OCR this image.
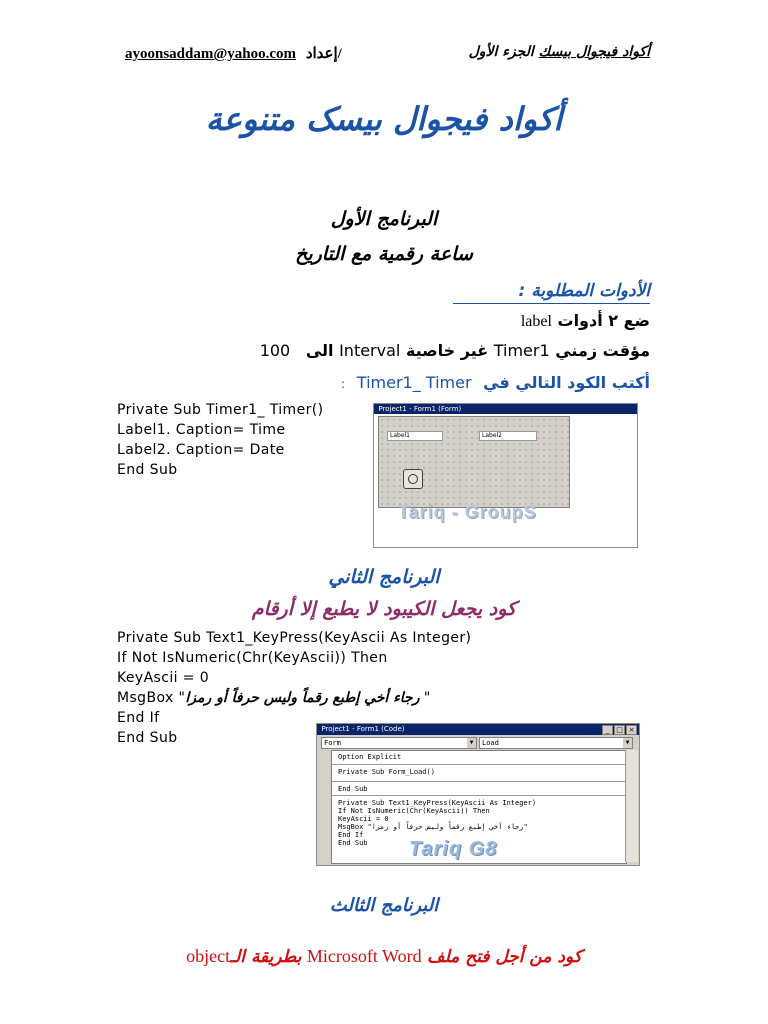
ayoonsaddam@yahoo.com إعداد/	أكواد فيجوال بيسك الجزء الأول
أكواد فيجوال بيسک متنوعة
البرنامج الأول
ساعة رقمية مع التاريخ
الأدوات المطلوبة :
ضع ٢ أدوات label
مؤقت زمني Timer1 غير خاصية Interval الى 100
أكتب الكود التالي في Timer1_ Timer :
Private Sub Timer1_ Timer()
Label1. Caption= Time
Label2. Caption= Date
End Sub
Project1 - Form1 (Form)
Label1	Label2
Tariq - GroupS
البرنامج الثاني
كود يجعل الكيبود لا يطبع إلا أرقام
Private Sub Text1_KeyPress(KeyAscii As Integer)
If Not IsNumeric(Chr(KeyAscii)) Then
KeyAscii = 0
MsgBox "رجاء أخي إطبع رقماً وليس حرفاً أو رمزا "
End If
End Sub
Project1 - Form1 (Code)	_ □ ×
Form	▼	Load	▼
Option Explicit
Private Sub Form_Load()
End Sub
Private Sub Text1_KeyPress(KeyAscii As Integer)
If Not IsNumeric(Chr(KeyAscii)) Then
KeyAscii = 0
MsgBox "رجاء أخي إطبع رقماً وليس حرفاً أو رمزا"
End If
End Sub Tariq G8
البرنامج الثالث
كود من أجل فتح ملف Microsoft Word بطريقة الـobject
